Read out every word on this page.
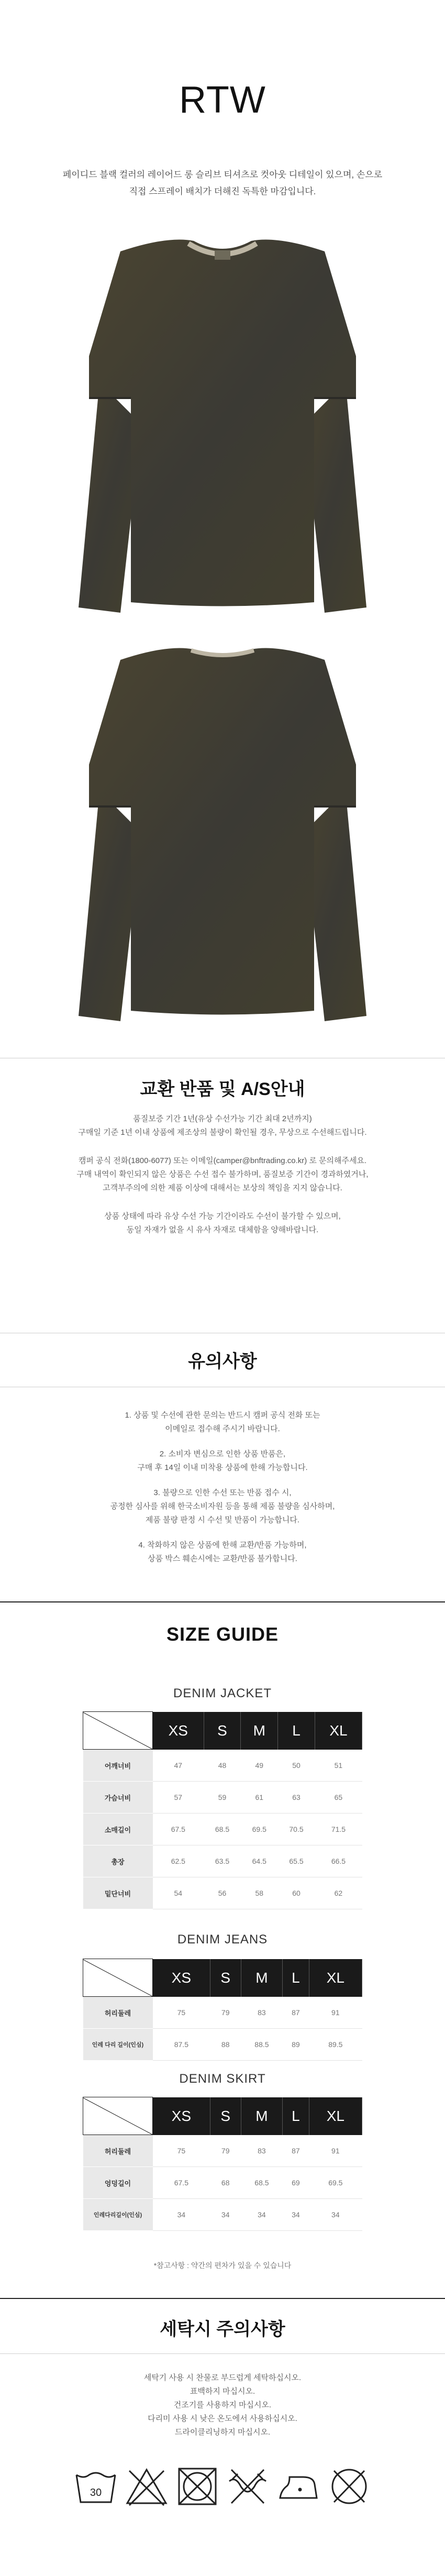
RTW
페이디드 블랙 컬러의 레이어드 롱 슬리브 티셔츠로 컷아웃 디테일이 있으며, 손으로
직접 스프레이 배치가 더해진 독특한 마감입니다.
교환 반품 및 A/S안내

품질보증 기간 1년(유상 수선가능 기간 최대 2년까지)

구매일 기준 1년 이내 상품에 제조상의 불량이 확인될 경우, 무상으로 수선해드립니다.

캠퍼 공식 전화(1800-6077) 또는 이메일(camper@bnftrading.co.kr) 로 문의해주세요.

구매 내역이 확인되지 않은 상품은 수선 접수 불가하며, 품질보증 기간이 경과하였거나,

고객부주의에 의한 제품 이상에 대해서는 보상의 책임을 지지 않습니다.

상품 상태에 따라 유상 수선 가능 기간이라도 수선이 불가할 수 있으며,

동일 자재가 없을 시 유사 자재로 대체함을 양해바랍니다.

유의사항

1. 상품 및 수선에 관한 문의는 반드시 캠퍼 공식 전화 또는

이메일로 접수해 주시기 바랍니다.

2. 소비자 변심으로 인한 상품 반품은,

구매 후 14일 이내 미착용 상품에 한해 가능합니다.

3. 불량으로 인한 수선 또는 반품 접수 시,

공정한 심사를 위해 한국소비자원 등을 통해 제품 불량을 심사하며,

제품 불량 판정 시 수선 및 반품이 가능합니다.

4. 착화하지 않은 상품에 한해 교환/반품 가능하며,

상품 박스 훼손시에는 교환/반품 불가합니다.

SIZE GUIDE
DENIM JACKET
	XS	S	M	L	XL
어깨너비	47	48	49	50	51
가슴너비	57	59	61	63	65
소매길이	67.5	68.5	69.5	70.5	71.5
총장	62.5	63.5	64.5	65.5	66.5
밑단너비	54	56	58	60	62
DENIM JEANS
	XS	S	M	L	XL
허리둘레	75	79	83	87	91
인레 다리 길이(인심)	87.5	88	88.5	89	89.5
DENIM SKIRT
	XS	S	M	L	XL
허리둘레	75	79	83	87	91
엉덩길이	67.5	68	68.5	69	69.5
인레다리길이(인심)	34	34	34	34	34
*참고사항 : 약간의 편차가 있을 수 있습니다
세탁시 주의사항

세탁기 사용 시 찬물로 부드럽게 세탁하십시오.

표백하지 마십시오.

건조기를 사용하지 마십시오.

다리미 사용 시 낮은 온도에서 사용하십시오.

드라이클리닝하지 마십시오.

30
